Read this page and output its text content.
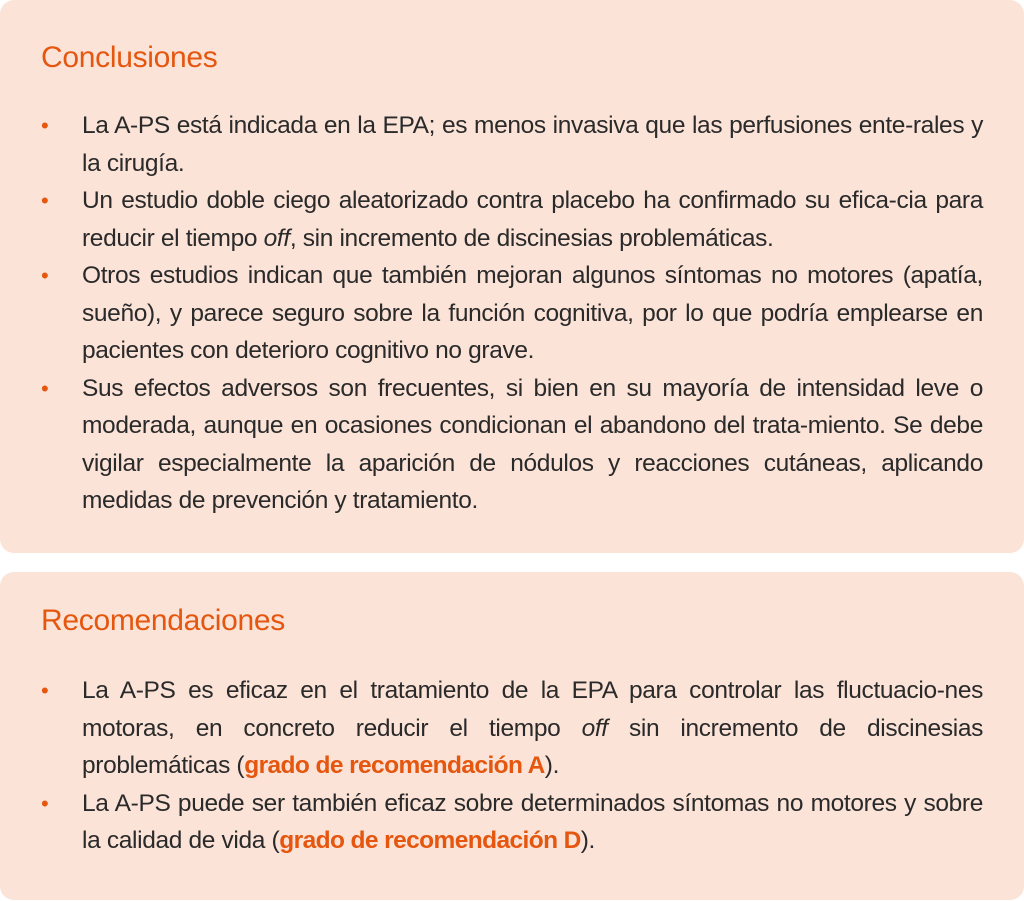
Conclusiones
• La A-PS está indicada en la EPA; es menos invasiva que las perfusiones ente-rales y la cirugía.
• Un estudio doble ciego aleatorizado contra placebo ha confirmado su efica-cia para reducir el tiempo off, sin incremento de discinesias problemáticas.
• Otros estudios indican que también mejoran algunos síntomas no motores (apatía, sueño), y parece seguro sobre la función cognitiva, por lo que podría emplearse en pacientes con deterioro cognitivo no grave.
• Sus efectos adversos son frecuentes, si bien en su mayoría de intensidad leve o moderada, aunque en ocasiones condicionan el abandono del trata-miento. Se debe vigilar especialmente la aparición de nódulos y reacciones cutáneas, aplicando medidas de prevención y tratamiento.
Recomendaciones
• La A-PS es eficaz en el tratamiento de la EPA para controlar las fluctuacio-nes motoras, en concreto reducir el tiempo off sin incremento de discinesias problemáticas (grado de recomendación A).
• La A-PS puede ser también eficaz sobre determinados síntomas no motores y sobre la calidad de vida (grado de recomendación D).
